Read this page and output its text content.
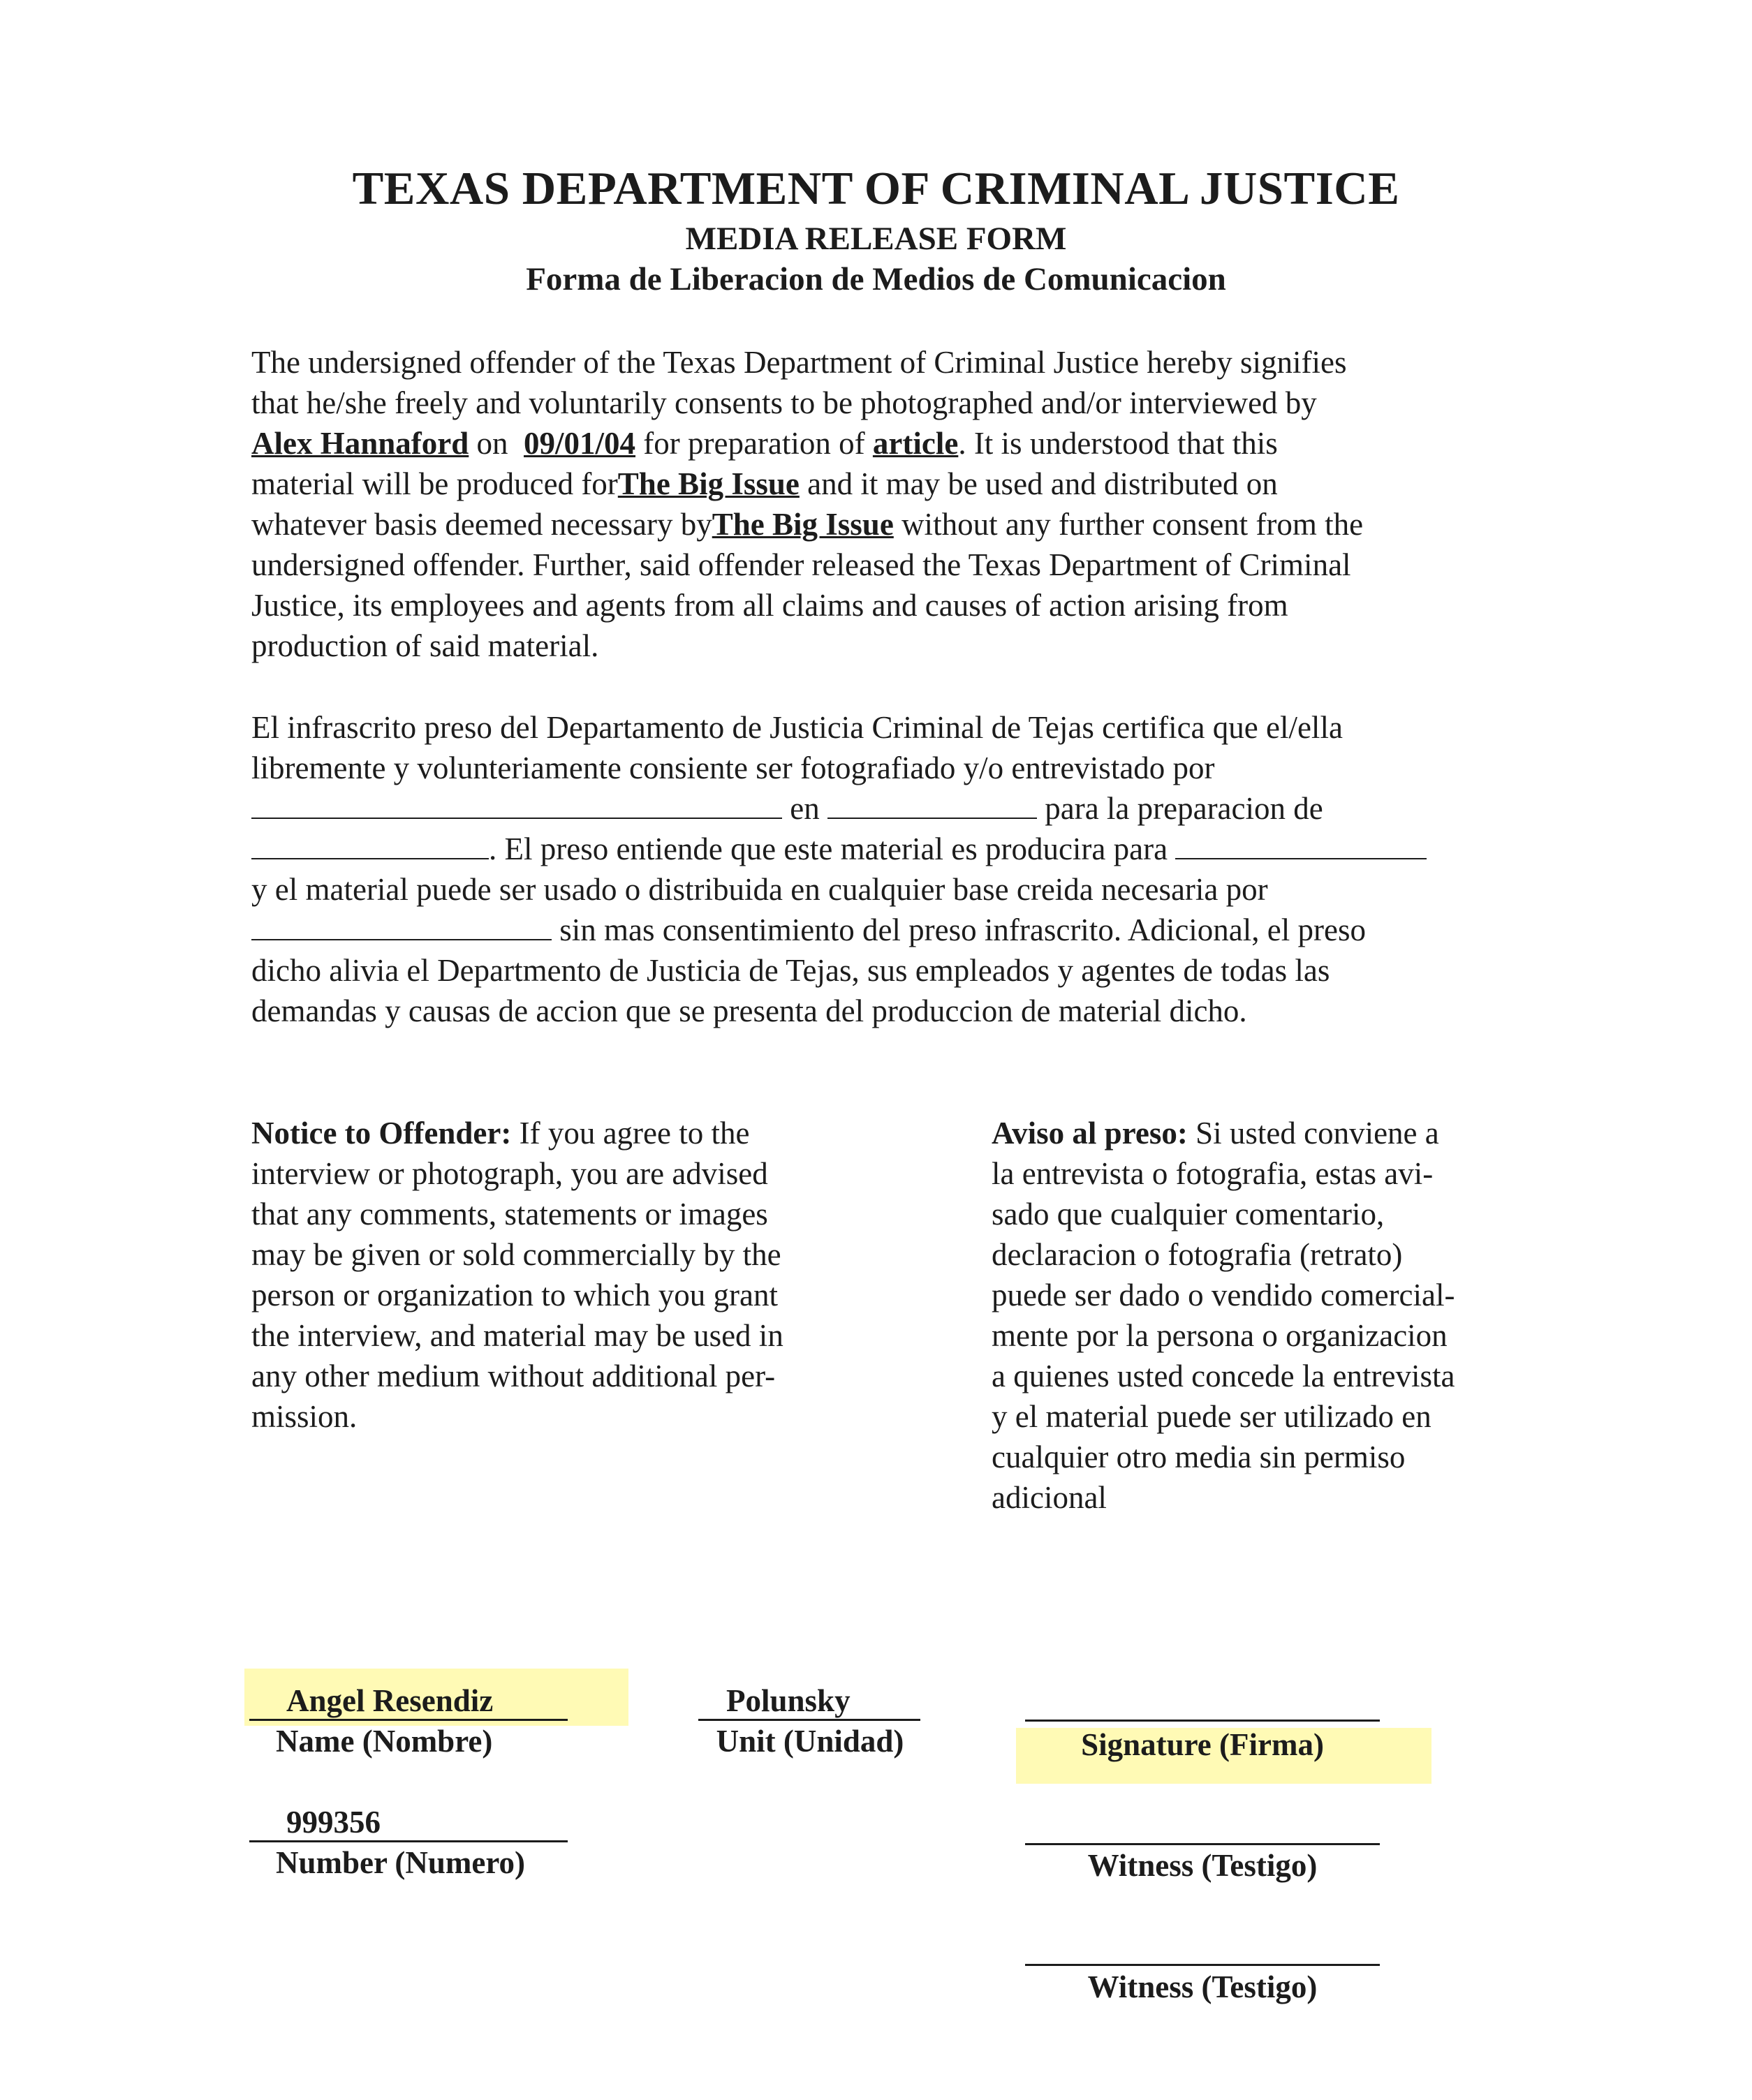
TEXAS DEPARTMENT OF CRIMINAL JUSTICE
MEDIA RELEASE FORM
Forma de Liberacion de Medios de Comunicacion
The undersigned offender of the Texas Department of Criminal Justice hereby signifies
that he/she freely and voluntarily consents to be photographed and/or interviewed by
Alex Hannaford on  09/01/04 for preparation of article. It is understood that this
material will be produced forThe Big Issue and it may be used and distributed on
whatever basis deemed necessary byThe Big Issue without any further consent from the
undersigned offender. Further, said offender released the Texas Department of Criminal
Justice, its employees and agents from all claims and causes of action arising from
production of said material.
El infrascrito preso del Departamento de Justicia Criminal de Tejas certifica que el/ella
libremente y volunteriamente consiente ser fotografiado y/o entrevistado por
en	para la preparacion de
. El preso entiende que este material es producira para
y el material puede ser usado o distribuida en cualquier base creida necesaria por
sin mas consentimiento del preso infrascrito. Adicional, el preso
dicho alivia el Departmento de Justicia de Tejas, sus empleados y agentes de todas las
demandas y causas de accion que se presenta del produccion de material dicho.
Notice to Offender: If you agree to the
interview or photograph, you are advised
that any comments, statements or images
may be given or sold commercially by the
person or organization to which you grant
the interview, and material may be used in
any other medium without additional per-
mission.
Aviso al preso: Si usted conviene a
la entrevista o fotografia, estas avi-
sado que cualquier comentario,
declaracion o fotografia (retrato)
puede ser dado o vendido comercial-
mente por la persona o organizacion
a quienes usted concede la entrevista
y el material puede ser utilizado en
cualquier otro media sin permiso
adicional
Angel Resendiz
Name (Nombre)
Polunsky
Unit (Unidad)	Signature (Firma)
999356
Number (Numero)	Witness (Testigo)
Witness (Testigo)
